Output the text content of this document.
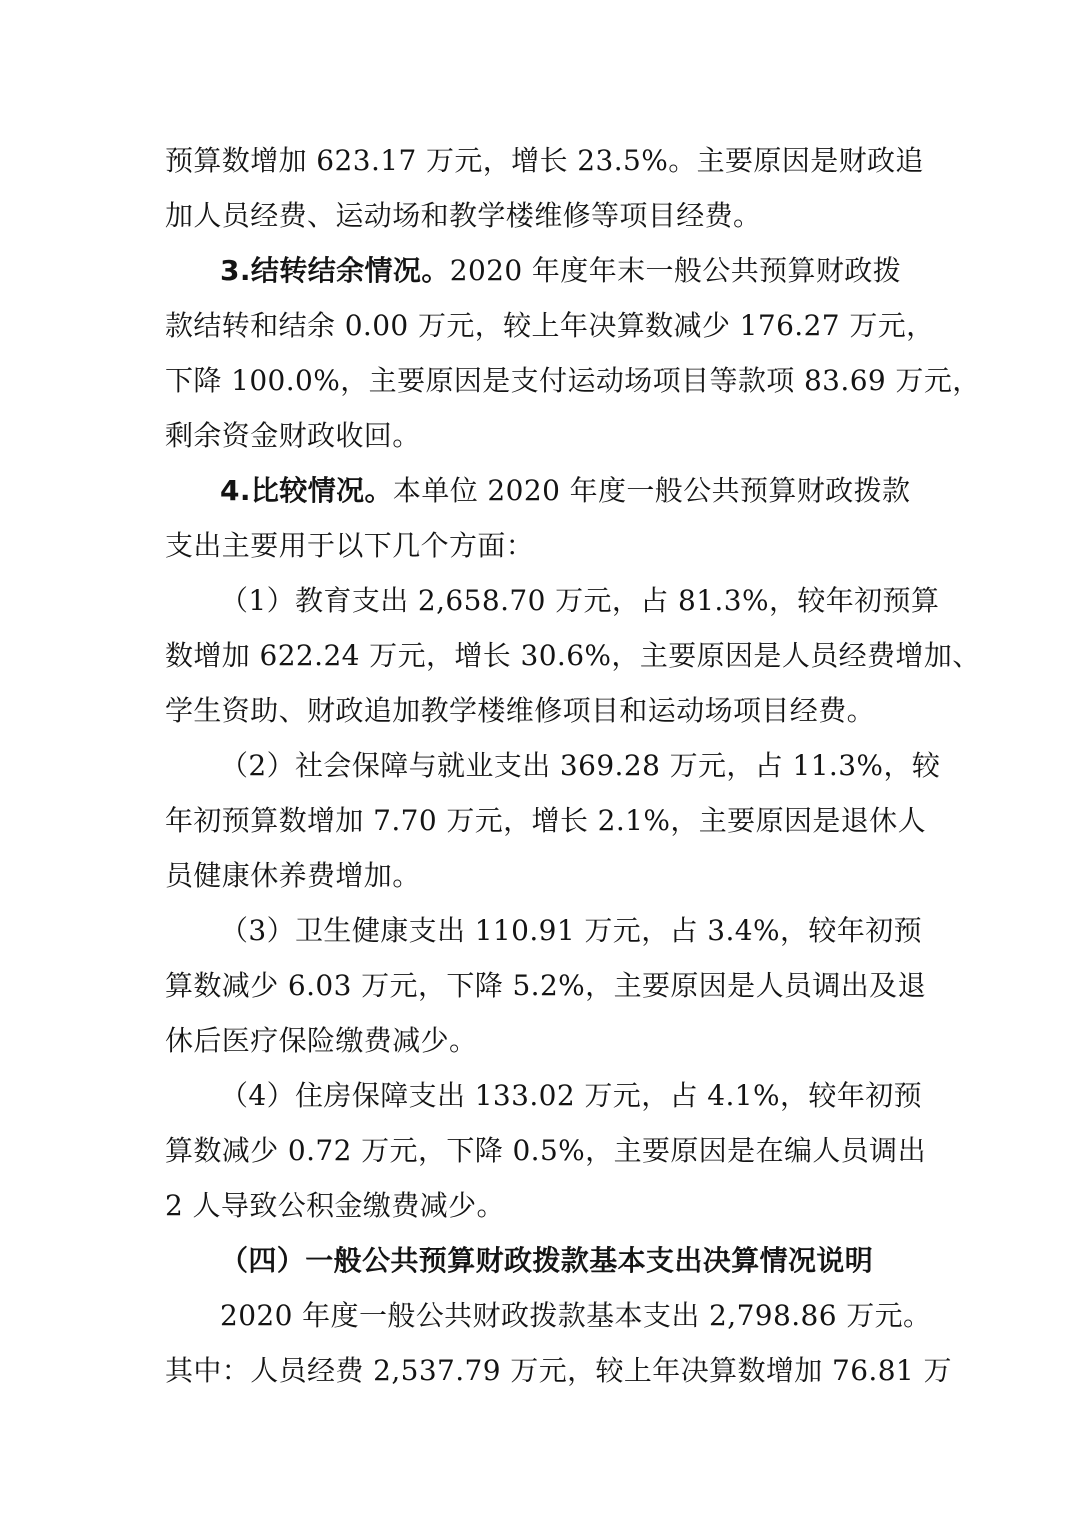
预算数增加 623.17 万元，增长 23.5%。主要原因是财政追
加人员经费、运动场和教学楼维修等项目经费。
3.结转结余情况。2020 年度年末一般公共预算财政拨
款结转和结余 0.00 万元，较上年决算数减少 176.27 万元，
下降 100.0%，主要原因是支付运动场项目等款项 83.69 万元，
剩余资金财政收回。
4.比较情况。本单位 2020 年度一般公共预算财政拨款
支出主要用于以下几个方面：
（1）教育支出 2,658.70 万元，占 81.3%，较年初预算
数增加 622.24 万元，增长 30.6%，主要原因是人员经费增加、
学生资助、财政追加教学楼维修项目和运动场项目经费。
（2）社会保障与就业支出 369.28 万元，占 11.3%，较
年初预算数增加 7.70 万元，增长 2.1%，主要原因是退休人
员健康休养费增加。
（3）卫生健康支出 110.91 万元，占 3.4%，较年初预
算数减少 6.03 万元，下降 5.2%，主要原因是人员调出及退
休后医疗保险缴费减少。
（4）住房保障支出 133.02 万元，占 4.1%，较年初预
算数减少 0.72 万元，下降 0.5%，主要原因是在编人员调出
2 人导致公积金缴费减少。
（四）一般公共预算财政拨款基本支出决算情况说明
2020 年度一般公共财政拨款基本支出 2,798.86 万元。
其中：人员经费 2,537.79 万元，较上年决算数增加 76.81 万
